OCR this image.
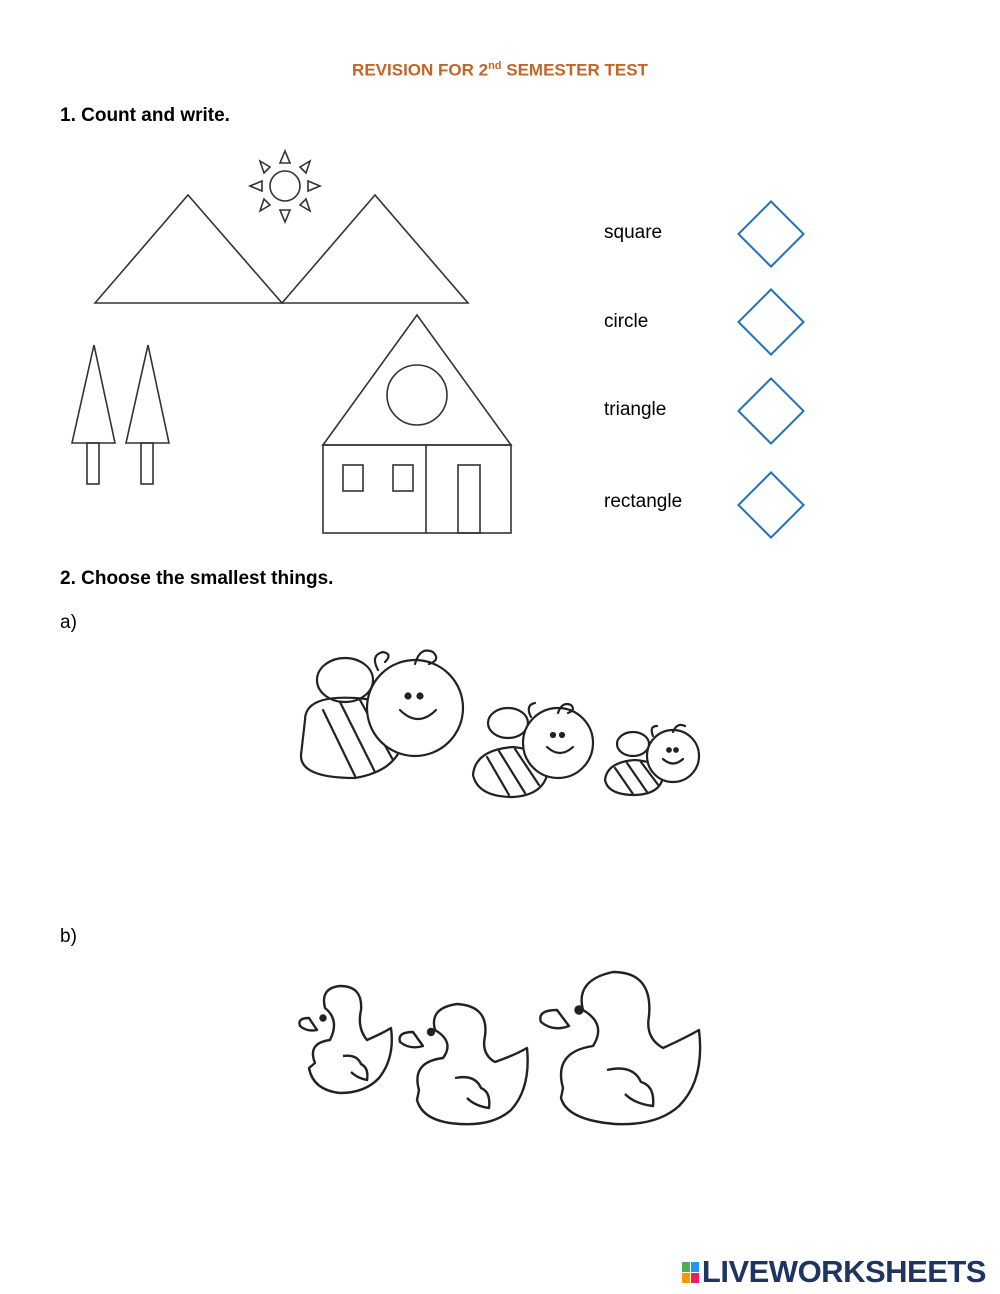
REVISION FOR 2nd SEMESTER TEST
1. Count and write.
square
circle
triangle
rectangle
2. Choose the smallest things.
a)
b)
LIVEWORKSHEETS
